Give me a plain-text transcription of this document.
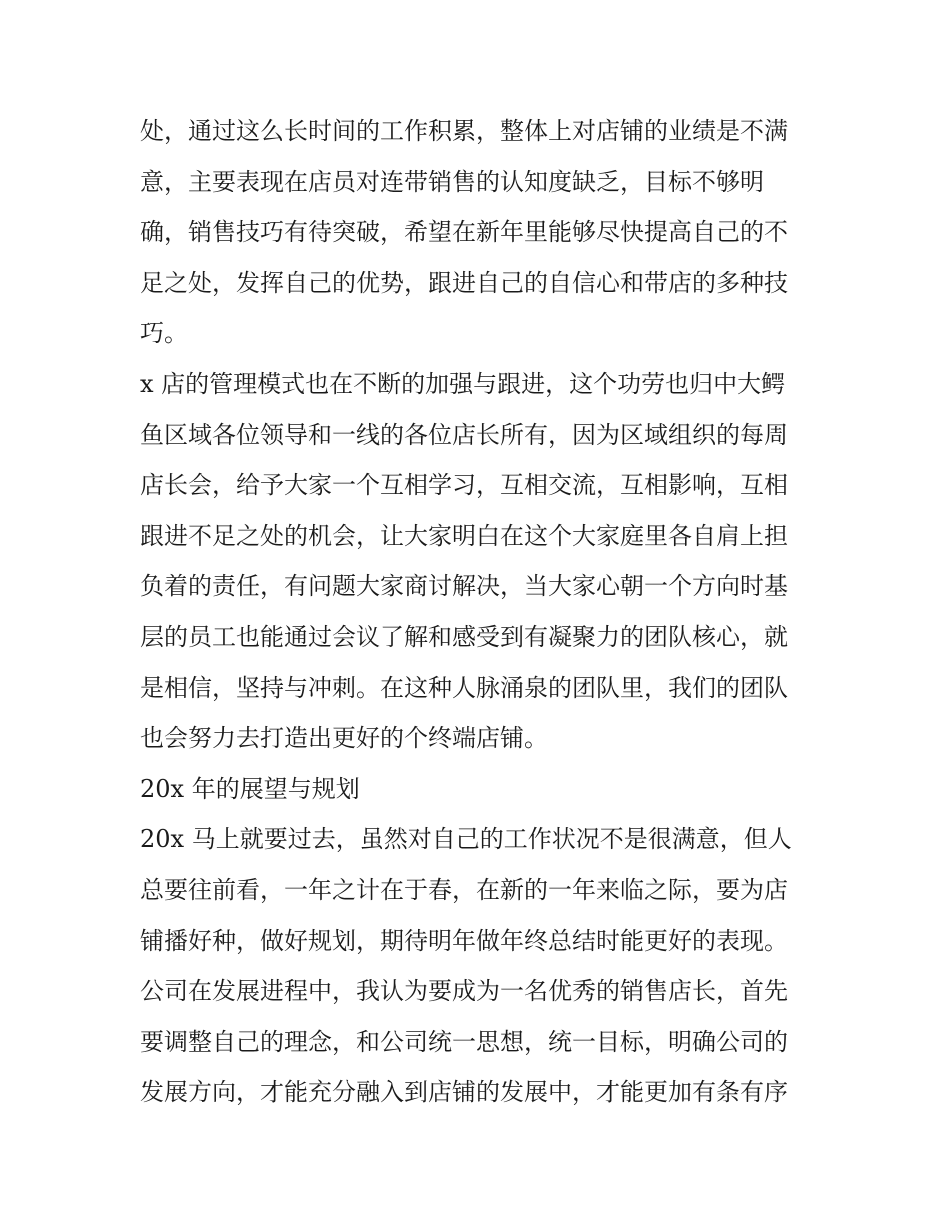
处，通过这么长时间的工作积累，整体上对店铺的业绩是不满
意，主要表现在店员对连带销售的认知度缺乏，目标不够明
确，销售技巧有待突破，希望在新年里能够尽快提高自己的不
足之处，发挥自己的优势，跟进自己的自信心和带店的多种技
巧。
x 店的管理模式也在不断的加强与跟进，这个功劳也归中大鳄
鱼区域各位领导和一线的各位店长所有，因为区域组织的每周
店长会，给予大家一个互相学习，互相交流，互相影响，互相
跟进不足之处的机会，让大家明白在这个大家庭里各自肩上担
负着的责任，有问题大家商讨解决，当大家心朝一个方向时基
层的员工也能通过会议了解和感受到有凝聚力的团队核心，就
是相信，坚持与冲刺。在这种人脉涌泉的团队里，我们的团队
也会努力去打造出更好的个终端店铺。
20x 年的展望与规划
20x 马上就要过去，虽然对自己的工作状况不是很满意，但人
总要往前看，一年之计在于春，在新的一年来临之际，要为店
铺播好种，做好规划，期待明年做年终总结时能更好的表现。
公司在发展进程中，我认为要成为一名优秀的销售店长，首先
要调整自己的理念，和公司统一思想，统一目标，明确公司的
发展方向，才能充分融入到店铺的发展中，才能更加有条有序
